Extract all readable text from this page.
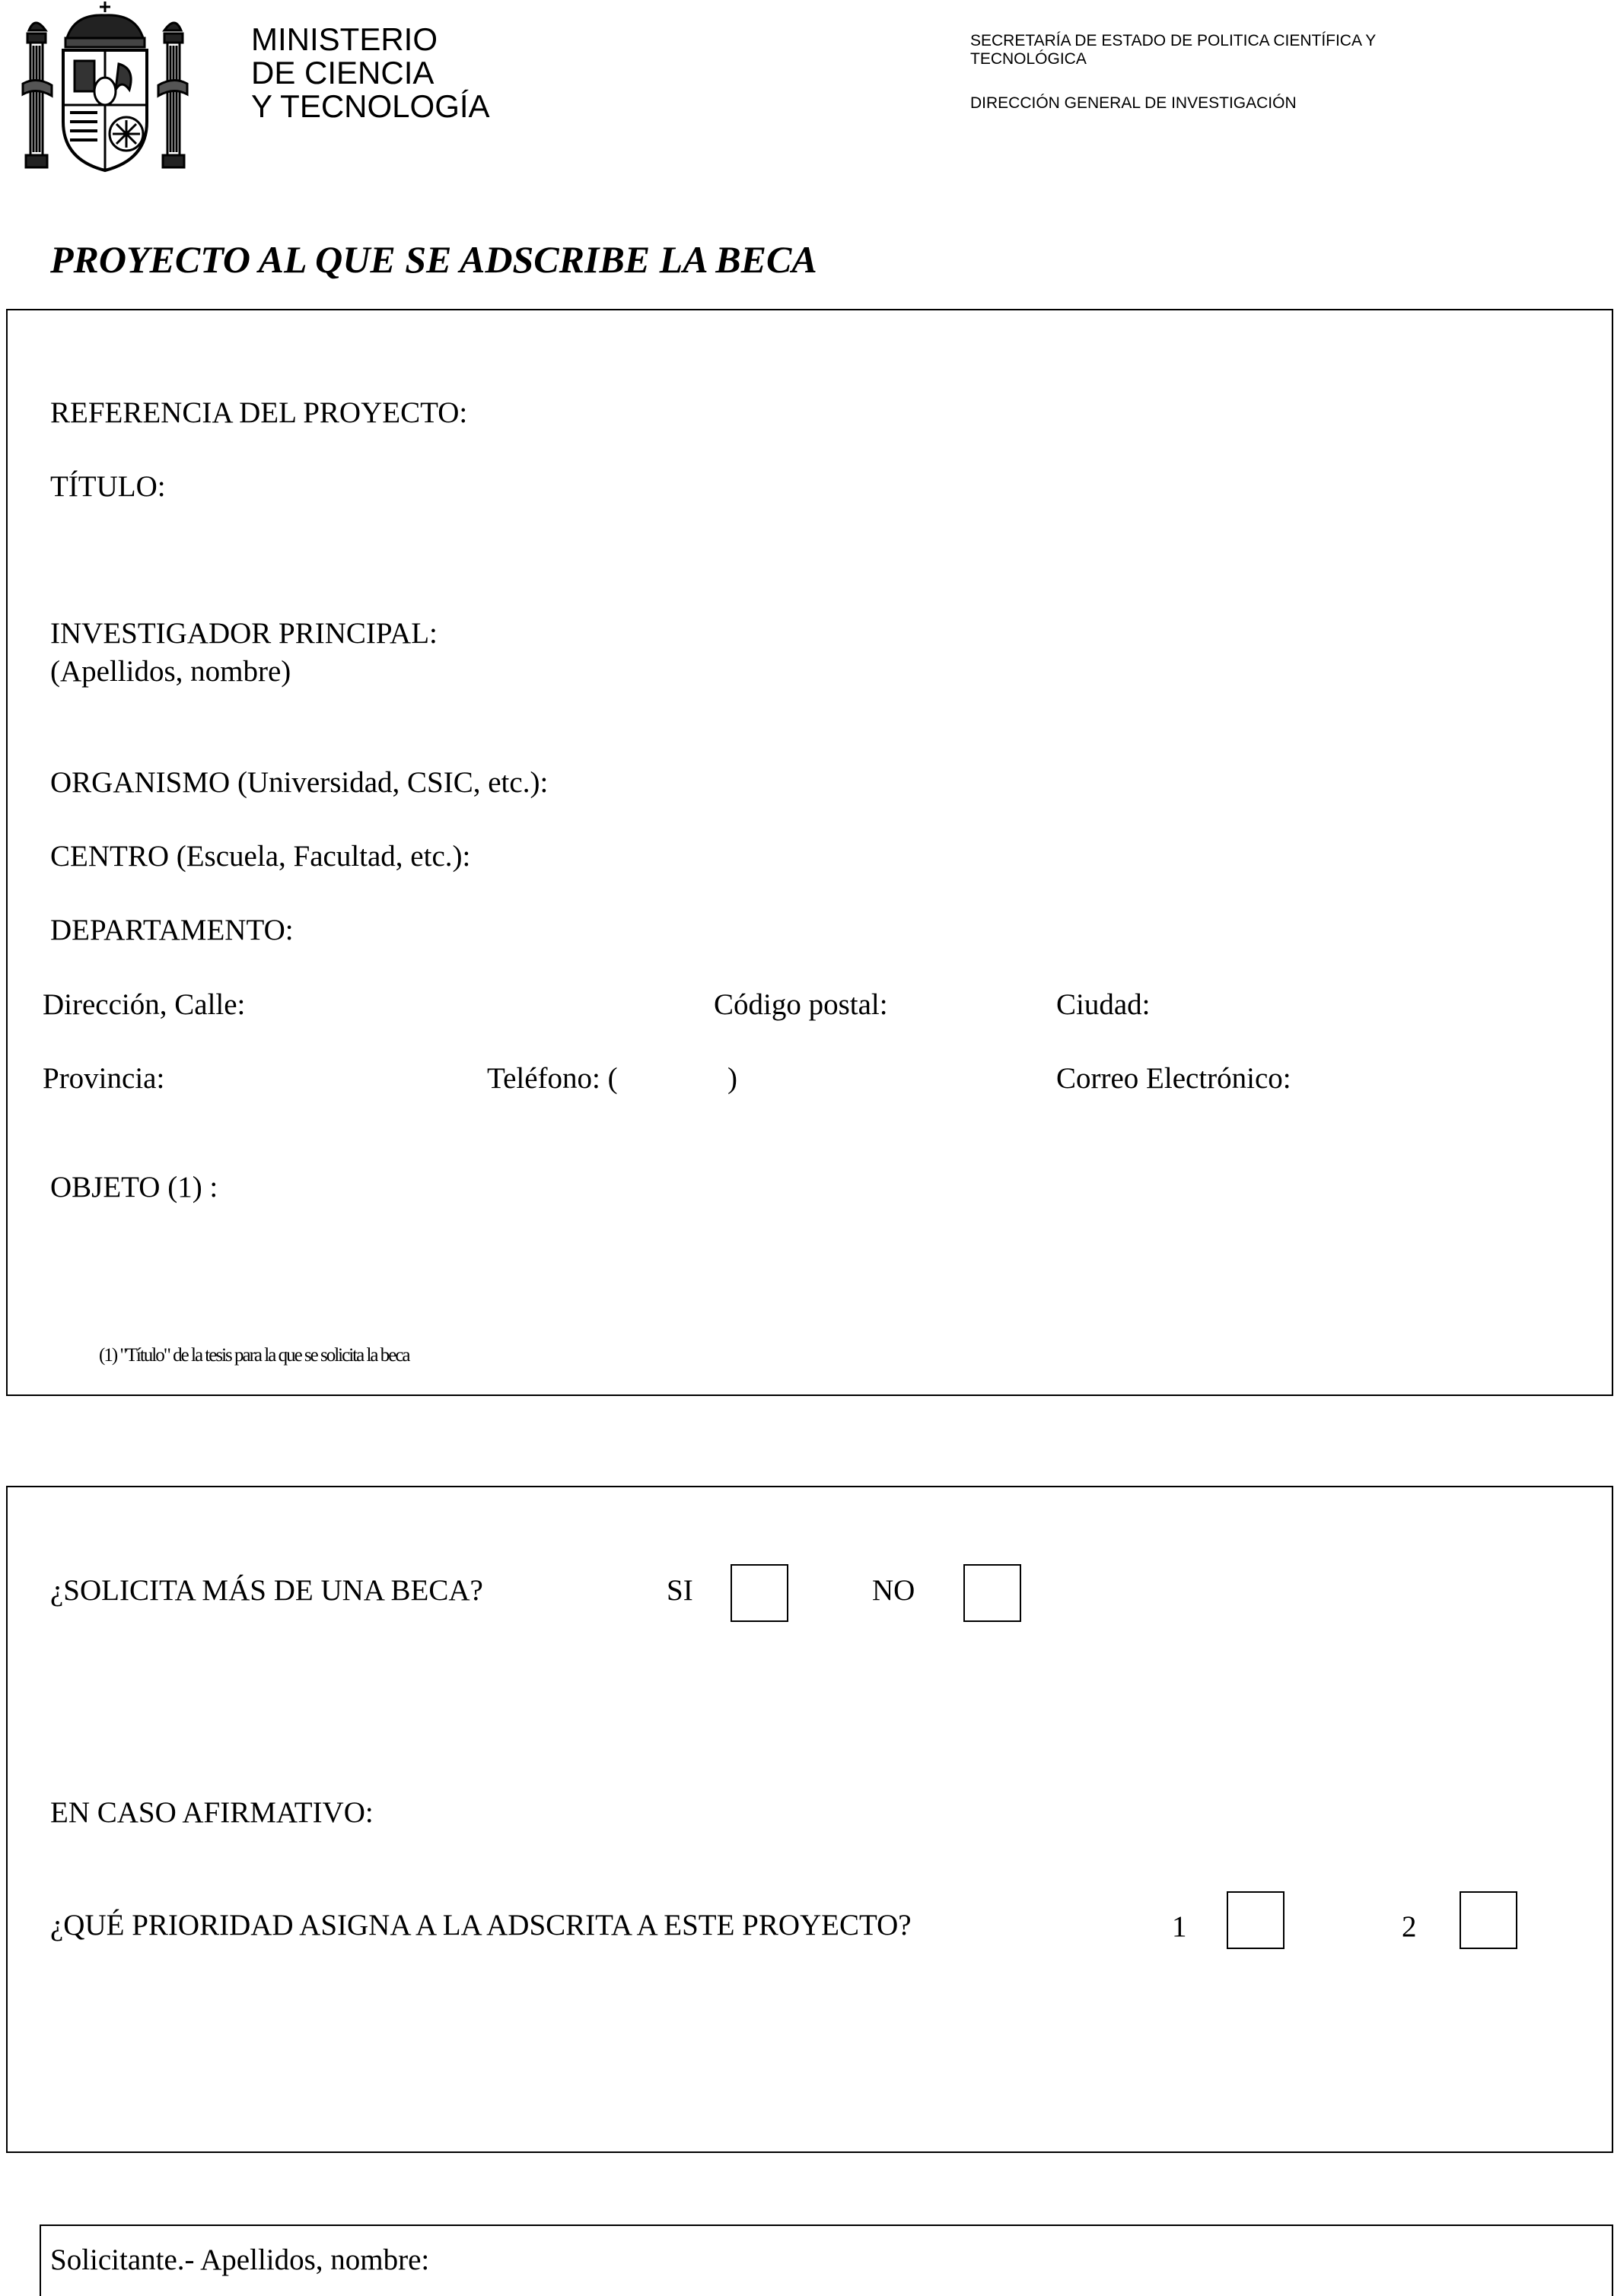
MINISTERIO
DE CIENCIA
Y TECNOLOGÍA
SECRETARÍA DE ESTADO DE POLITICA CIENTÍFICA Y
TECNOLÓGICA
DIRECCIÓN GENERAL DE INVESTIGACIÓN
PROYECTO AL QUE SE ADSCRIBE LA BECA
REFERENCIA DEL PROYECTO:
TÍTULO:
INVESTIGADOR PRINCIPAL:
(Apellidos, nombre)
ORGANISMO (Universidad, CSIC, etc.):
CENTRO (Escuela, Facultad, etc.):
DEPARTAMENTO:
Dirección, Calle:	Código postal:	Ciudad:
Provincia:	Teléfono: (	)	Correo Electrónico:
OBJETO (1) :
(1) "Título" de la tesis para la que se solicita la beca
¿SOLICITA MÁS DE UNA BECA?	SI	NO
EN CASO AFIRMATIVO:
¿QUÉ PRIORIDAD ASIGNA A LA ADSCRITA A ESTE PROYECTO?	1	2
Solicitante.- Apellidos, nombre:
